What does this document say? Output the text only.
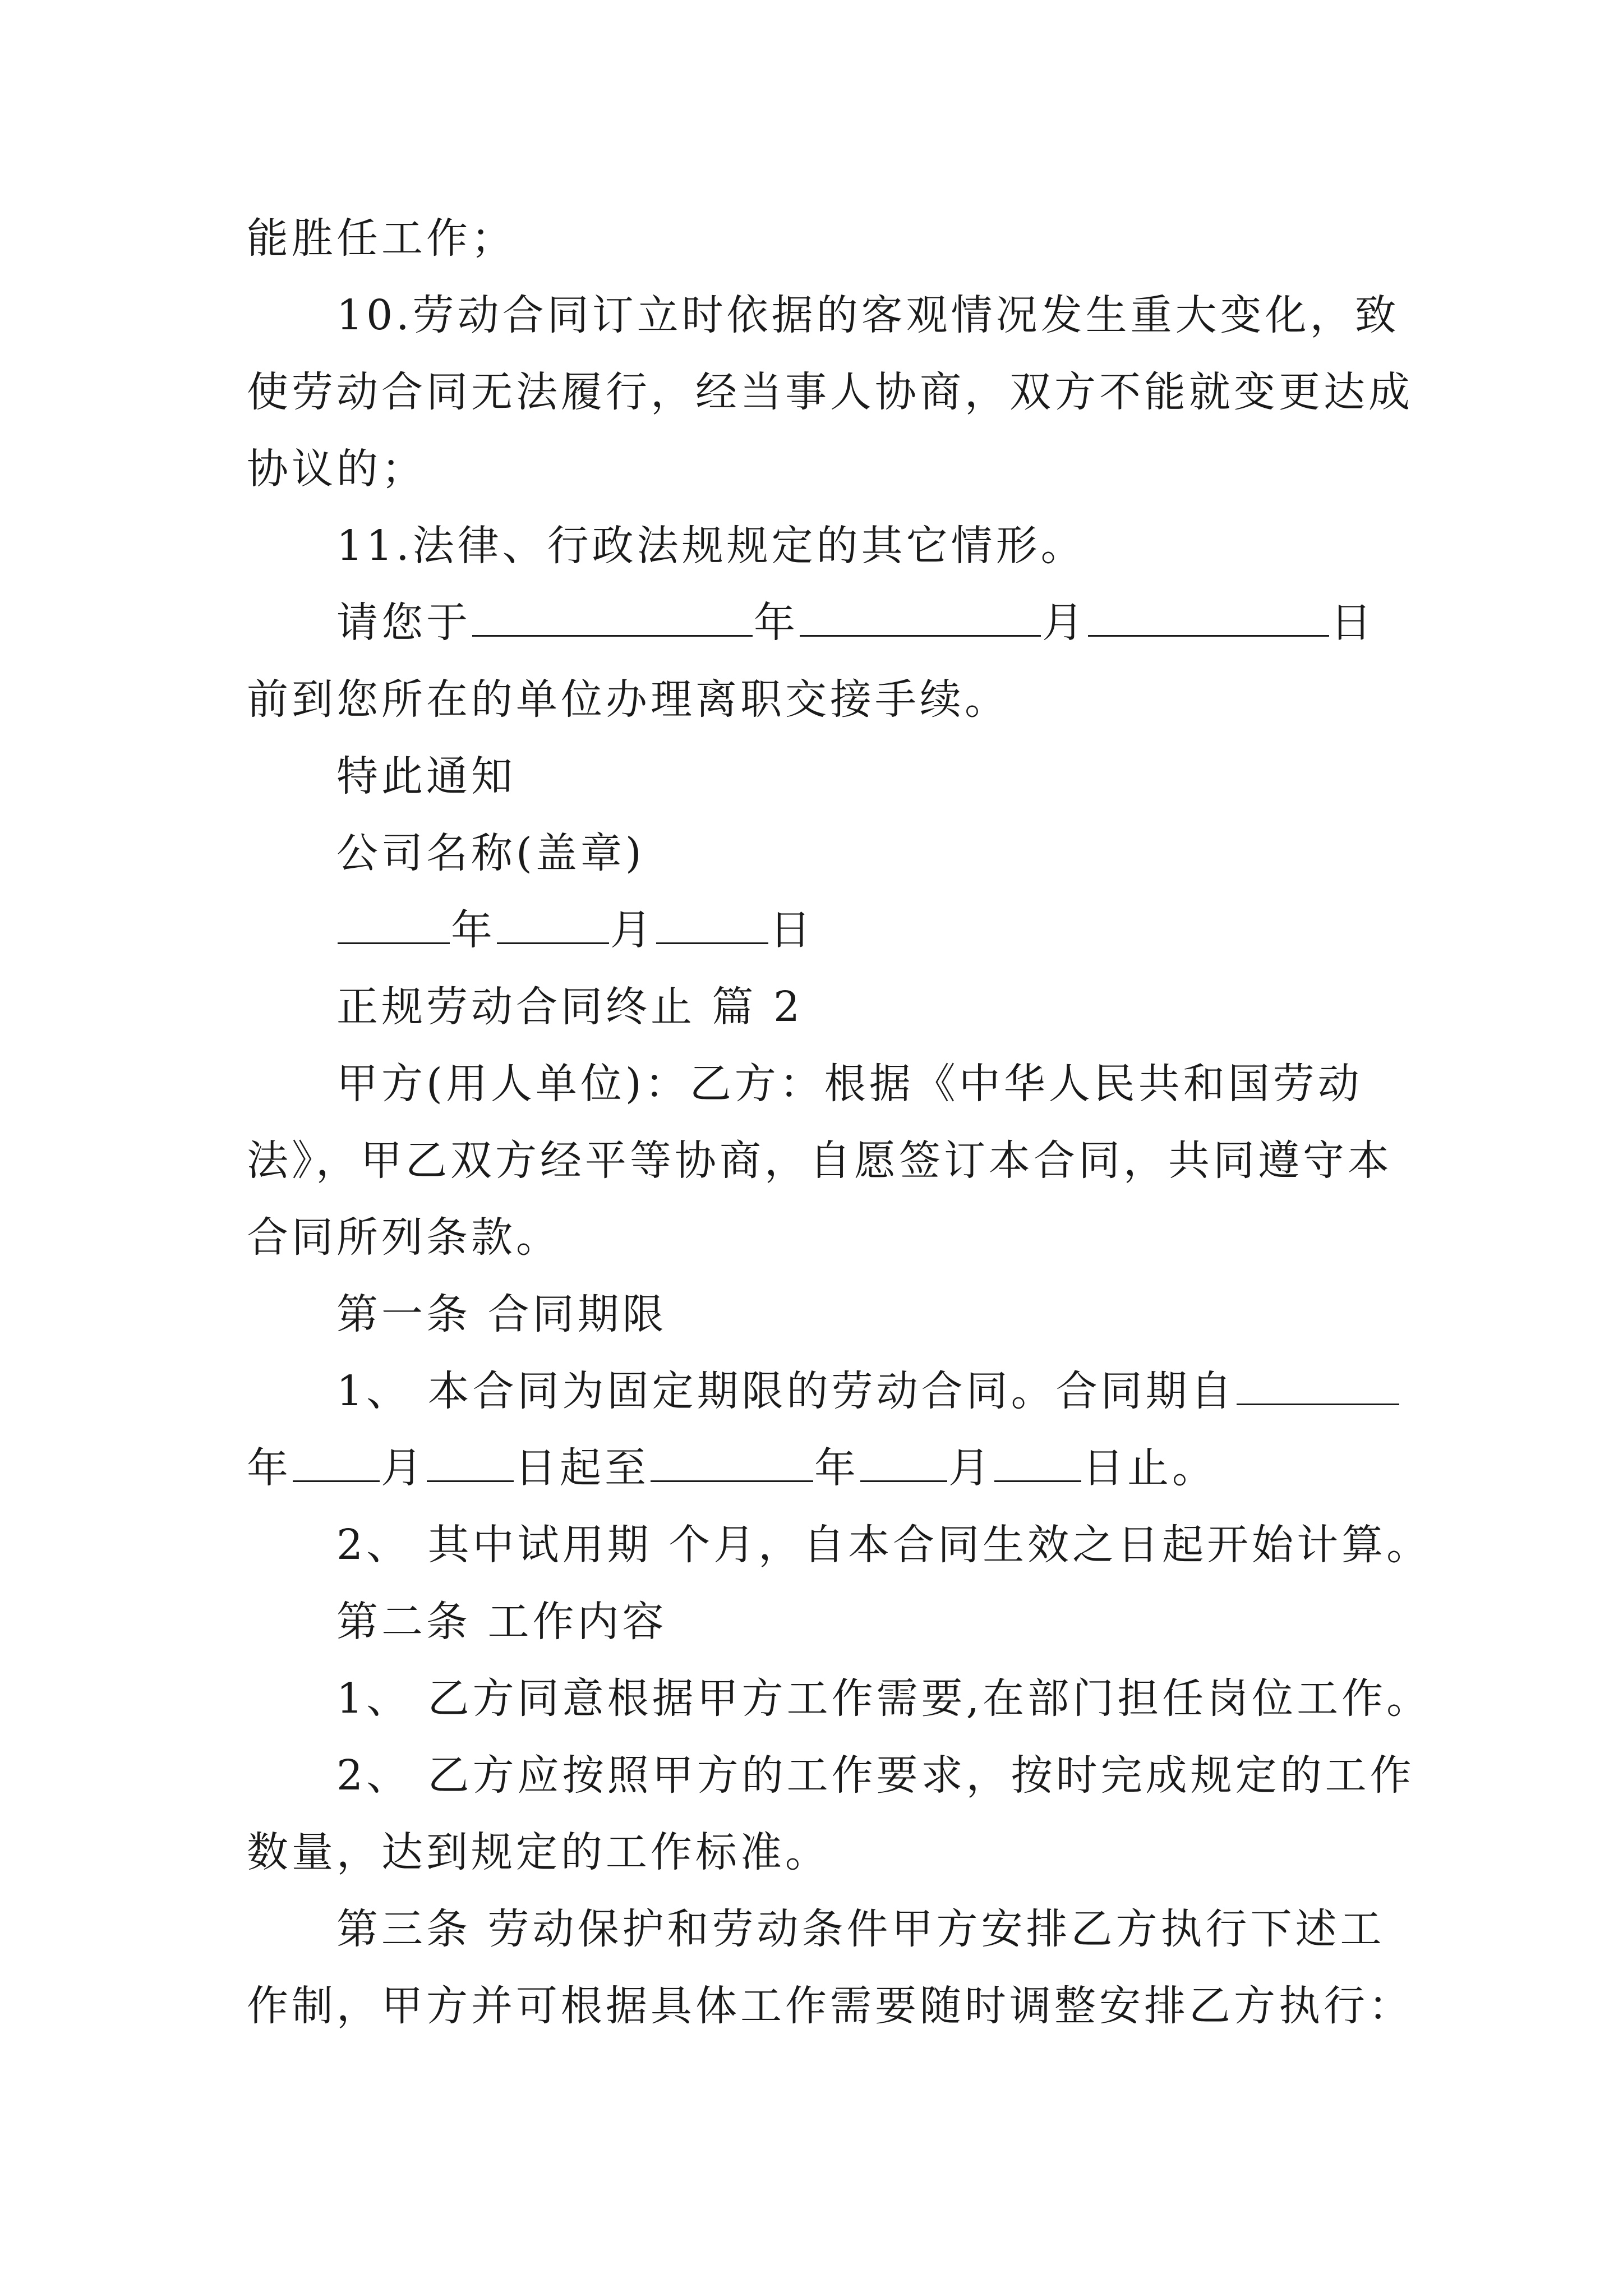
能胜任工作；
10.劳动合同订立时依据的客观情况发生重大变化，致
使劳动合同无法履行，经当事人协商，双方不能就变更达成
协议的；
11.法律、行政法规规定的其它情形。
请您于	年	月	日
前到您所在的单位办理离职交接手续。
特此通知
公司名称(盖章)
年	月	日
正规劳动合同终止 篇 2
甲方(用人单位)：乙方：根据《中华人民共和国劳动
法》，甲乙双方经平等协商，自愿签订本合同，共同遵守本
合同所列条款。
第一条 合同期限
1、 本合同为固定期限的劳动合同。合同期自
年 月 日起至	年 月 日止。
2、 其中试用期 个月，自本合同生效之日起开始计算。
第二条 工作内容
1、 乙方同意根据甲方工作需要,在部门担任岗位工作。
2、 乙方应按照甲方的工作要求，按时完成规定的工作
数量，达到规定的工作标准。
第三条 劳动保护和劳动条件甲方安排乙方执行下述工
作制，甲方并可根据具体工作需要随时调整安排乙方执行：
